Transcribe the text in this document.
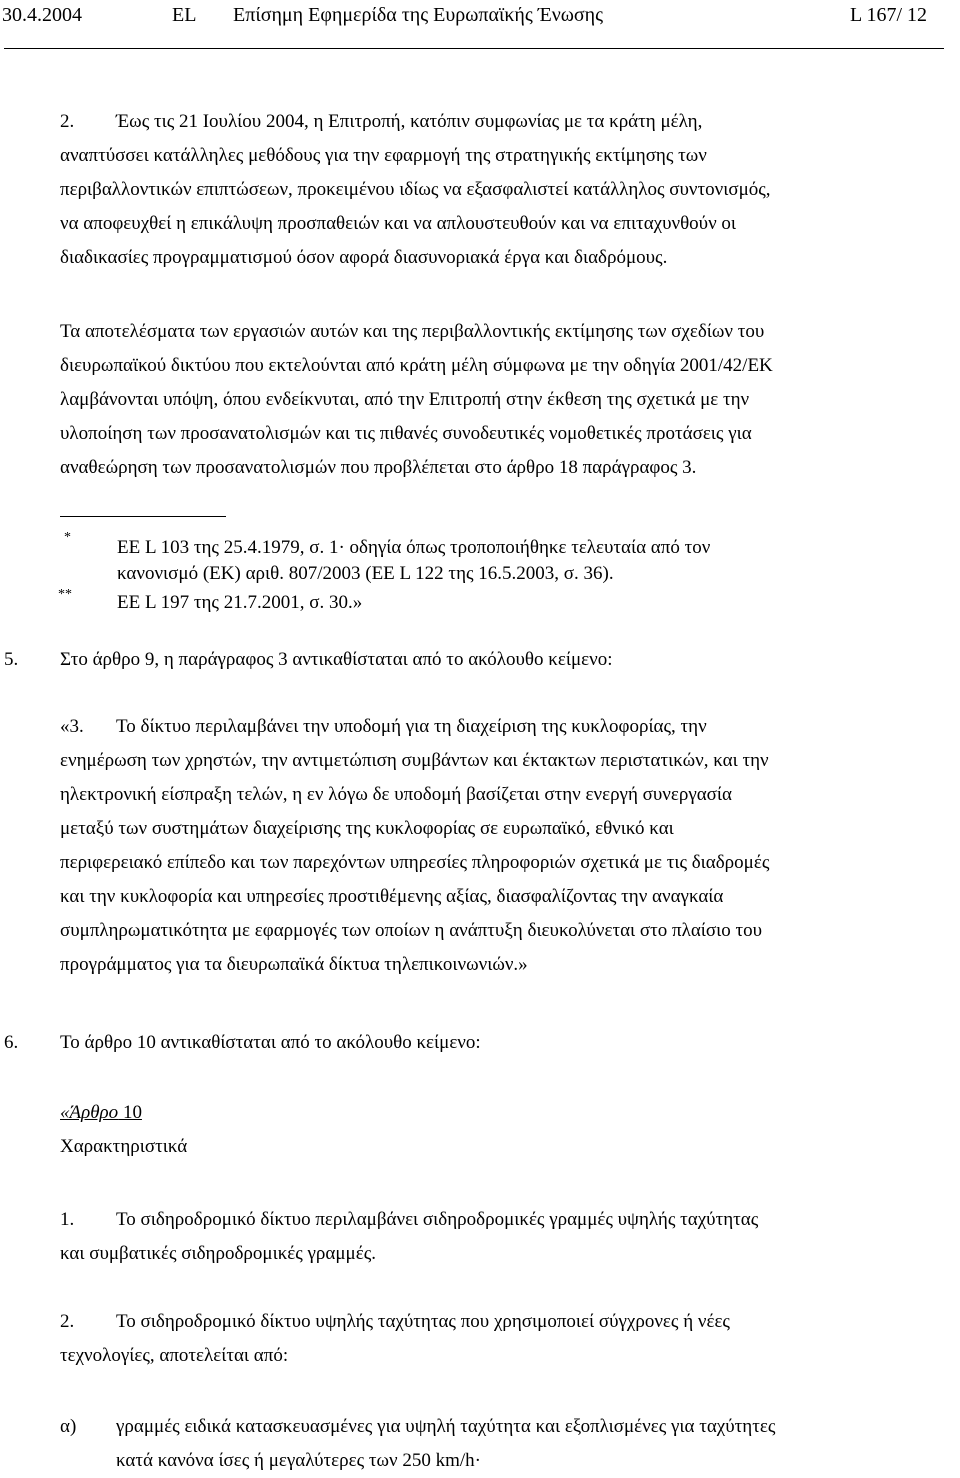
30.4.2004	EL Επίσημη Εφημερίδα της Ευρωπαϊκής Ένωσης	L 167/ 12
2.	Έως τις 21 Ιουλίου 2004, η Επιτροπή, κατόπιν συμφωνίας με τα κράτη μέλη,
αναπτύσσει κατάλληλες μεθόδους για την εφαρμογή της στρατηγικής εκτίμησης των
περιβαλλοντικών επιπτώσεων, προκειμένου ιδίως να εξασφαλιστεί κατάλληλος συντονισμός,
να αποφευχθεί η επικάλυψη προσπαθειών και να απλουστευθούν και να επιταχυνθούν οι
διαδικασίες προγραμματισμού όσον αφορά διασυνοριακά έργα και διαδρόμους.
Τα αποτελέσματα των εργασιών αυτών και της περιβαλλοντικής εκτίμησης των σχεδίων του
διευρωπαϊκού δικτύου που εκτελούνται από κράτη μέλη σύμφωνα με την οδηγία 2001/42/ΕΚ
λαμβάνονται υπόψη, όπου ενδείκνυται, από την Επιτροπή στην έκθεση της σχετικά με την
υλοποίηση των προσανατολισμών και τις πιθανές συνοδευτικές νομοθετικές προτάσεις για
αναθεώρηση των προσανατολισμών που προβλέπεται στο άρθρο 18 παράγραφος 3.
* ΕΕ L 103 της 25.4.1979, σ. 1· οδηγία όπως τροποποιήθηκε τελευταία από τον
κανονισμό (ΕΚ) αριθ. 807/2003 (ΕΕ L 122 της 16.5.2003, σ. 36).
** ΕΕ L 197 της 21.7.2001, σ. 30.»
5. Στο άρθρο 9, η παράγραφος 3 αντικαθίσταται από το ακόλουθο κείμενο:
«3.	Το δίκτυο περιλαμβάνει την υποδομή για τη διαχείριση της κυκλοφορίας, την
ενημέρωση των χρηστών, την αντιμετώπιση συμβάντων και έκτακτων περιστατικών, και την
ηλεκτρονική είσπραξη τελών, η εν λόγω δε υποδομή βασίζεται στην ενεργή συνεργασία
μεταξύ των συστημάτων διαχείρισης της κυκλοφορίας σε ευρωπαϊκό, εθνικό και
περιφερειακό επίπεδο και των παρεχόντων υπηρεσίες πληροφοριών σχετικά με τις διαδρομές
και την κυκλοφορία και υπηρεσίες προστιθέμενης αξίας, διασφαλίζοντας την αναγκαία
συμπληρωματικότητα με εφαρμογές των οποίων η ανάπτυξη διευκολύνεται στο πλαίσιο του
προγράμματος για τα διευρωπαϊκά δίκτυα τηλεπικοινωνιών.»
6. Το άρθρο 10 αντικαθίσταται από το ακόλουθο κείμενο:
«Άρθρο 10
Χαρακτηριστικά
1.	Το σιδηροδρομικό δίκτυο περιλαμβάνει σιδηροδρομικές γραμμές υψηλής ταχύτητας
και συμβατικές σιδηροδρομικές γραμμές.
2.	Το σιδηροδρομικό δίκτυο υψηλής ταχύτητας που χρησιμοποιεί σύγχρονες ή νέες
τεχνολογίες, αποτελείται από:
α) γραμμές ειδικά κατασκευασμένες για υψηλή ταχύτητα και εξοπλισμένες για ταχύτητες
κατά κανόνα ίσες ή μεγαλύτερες των 250 km/h·
